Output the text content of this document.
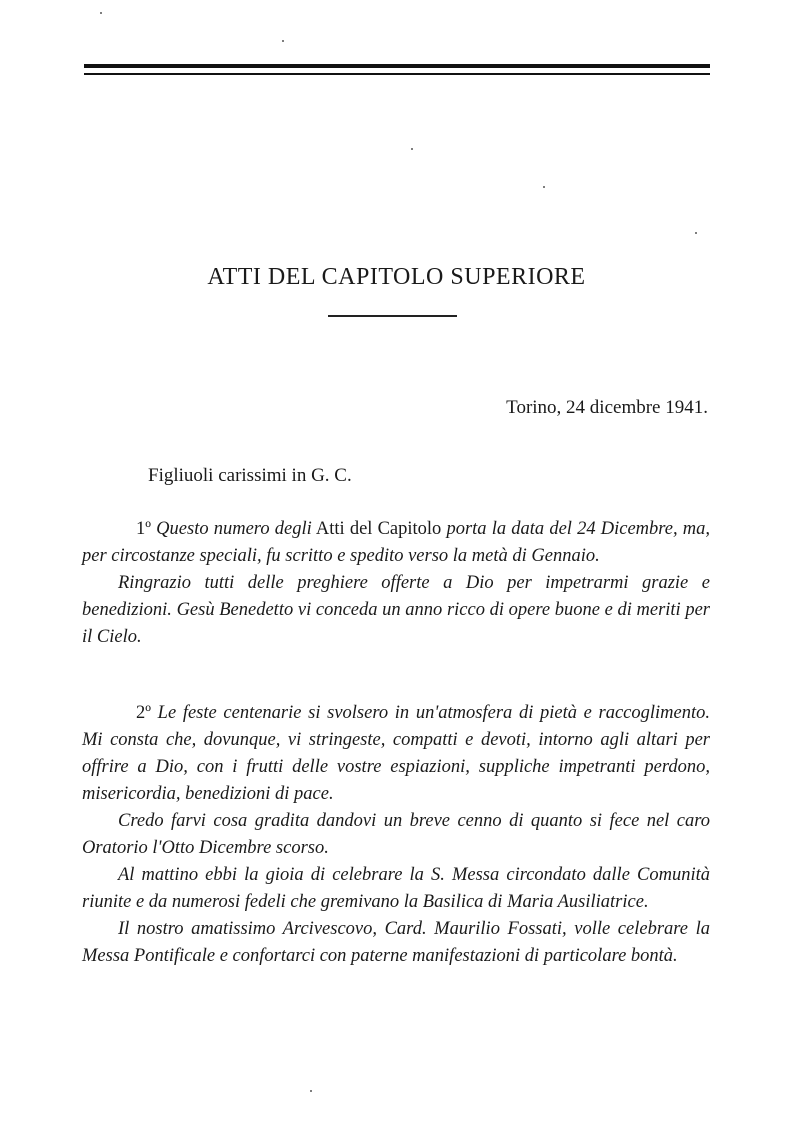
ATTI DEL CAPITOLO SUPERIORE
Torino, 24 dicembre 1941.
Figliuoli carissimi in G. C.

1º Questo numero degli Atti del Capitolo porta la data del 24 Dicembre, ma, per circostanze speciali, fu scritto e spedito verso la metà di Gennaio.

Ringrazio tutti delle preghiere offerte a Dio per impetrarmi grazie e benedizioni. Gesù Benedetto vi conceda un anno ricco di opere buone e di meriti per il Cielo.

2º Le feste centenarie si svolsero in un'atmosfera di pietà e raccoglimento. Mi consta che, dovunque, vi stringeste, compatti e devoti, intorno agli altari per offrire a Dio, con i frutti delle vostre espiazioni, suppliche impetranti perdono, misericordia, benedizioni di pace.

Credo farvi cosa gradita dandovi un breve cenno di quanto si fece nel caro Oratorio l'Otto Dicembre scorso.

Al mattino ebbi la gioia di celebrare la S. Messa circondato dalle Comunità riunite e da numerosi fedeli che gremivano la Basilica di Maria Ausiliatrice.

Il nostro amatissimo Arcivescovo, Card. Maurilio Fossati, volle celebrare la Messa Pontificale e confortarci con paterne manifestazioni di particolare bontà.
